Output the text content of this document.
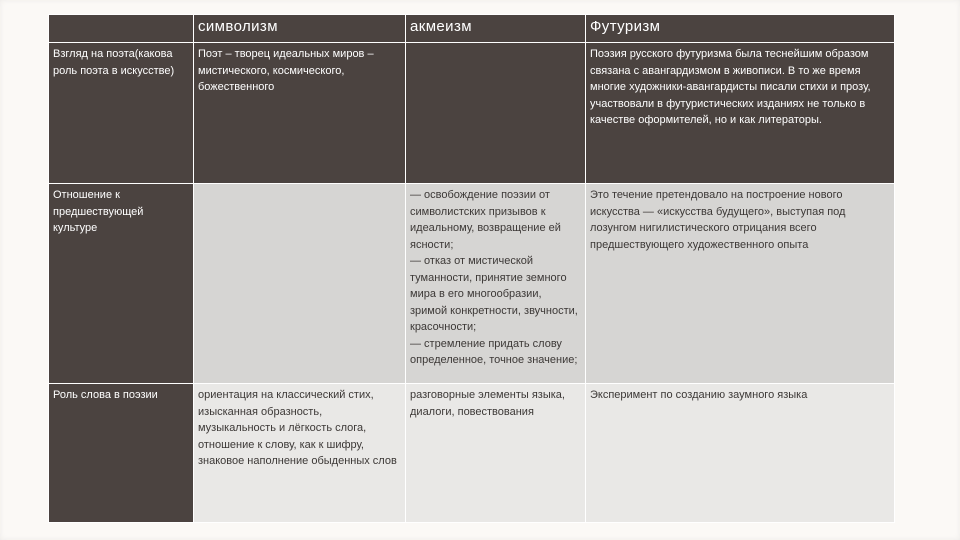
	символизм	акмеизм	Футуризм
Взгляд на поэта(какова роль поэта в искусстве)	Поэт – творец идеальных миров – мистического, космического, божественного		Поэзия русского футуризма была теснейшим образом связана с авангардизмом в живописи. В то же время многие художники-авангардисты писали стихи и прозу, участвовали в футуристических изданиях не только в качестве оформителей, но и как литераторы.
Отношение к предшествующей культуре		— освобождение поэзии от символистских призывов к идеальному, возвращение ей ясности;
— отказ от мистической туманности, принятие земного мира в его многообразии, зримой конкретности, звучности, красочности;
— стремление придать слову определенное, точное значение;	Это течение претендовало на построение нового искусства — «искусства будущего», выступая под лозунгом нигилистического отрицания всего предшествующего художественного опыта
Роль слова в поэзии	ориентация на классический стих, изысканная образность, музыкальность и лёгкость слога, отношение к слову, как к шифру, знаковое наполнение обыденных слов	разговорные элементы языка, диалоги, повествования	Эксперимент по созданию заумного языка
